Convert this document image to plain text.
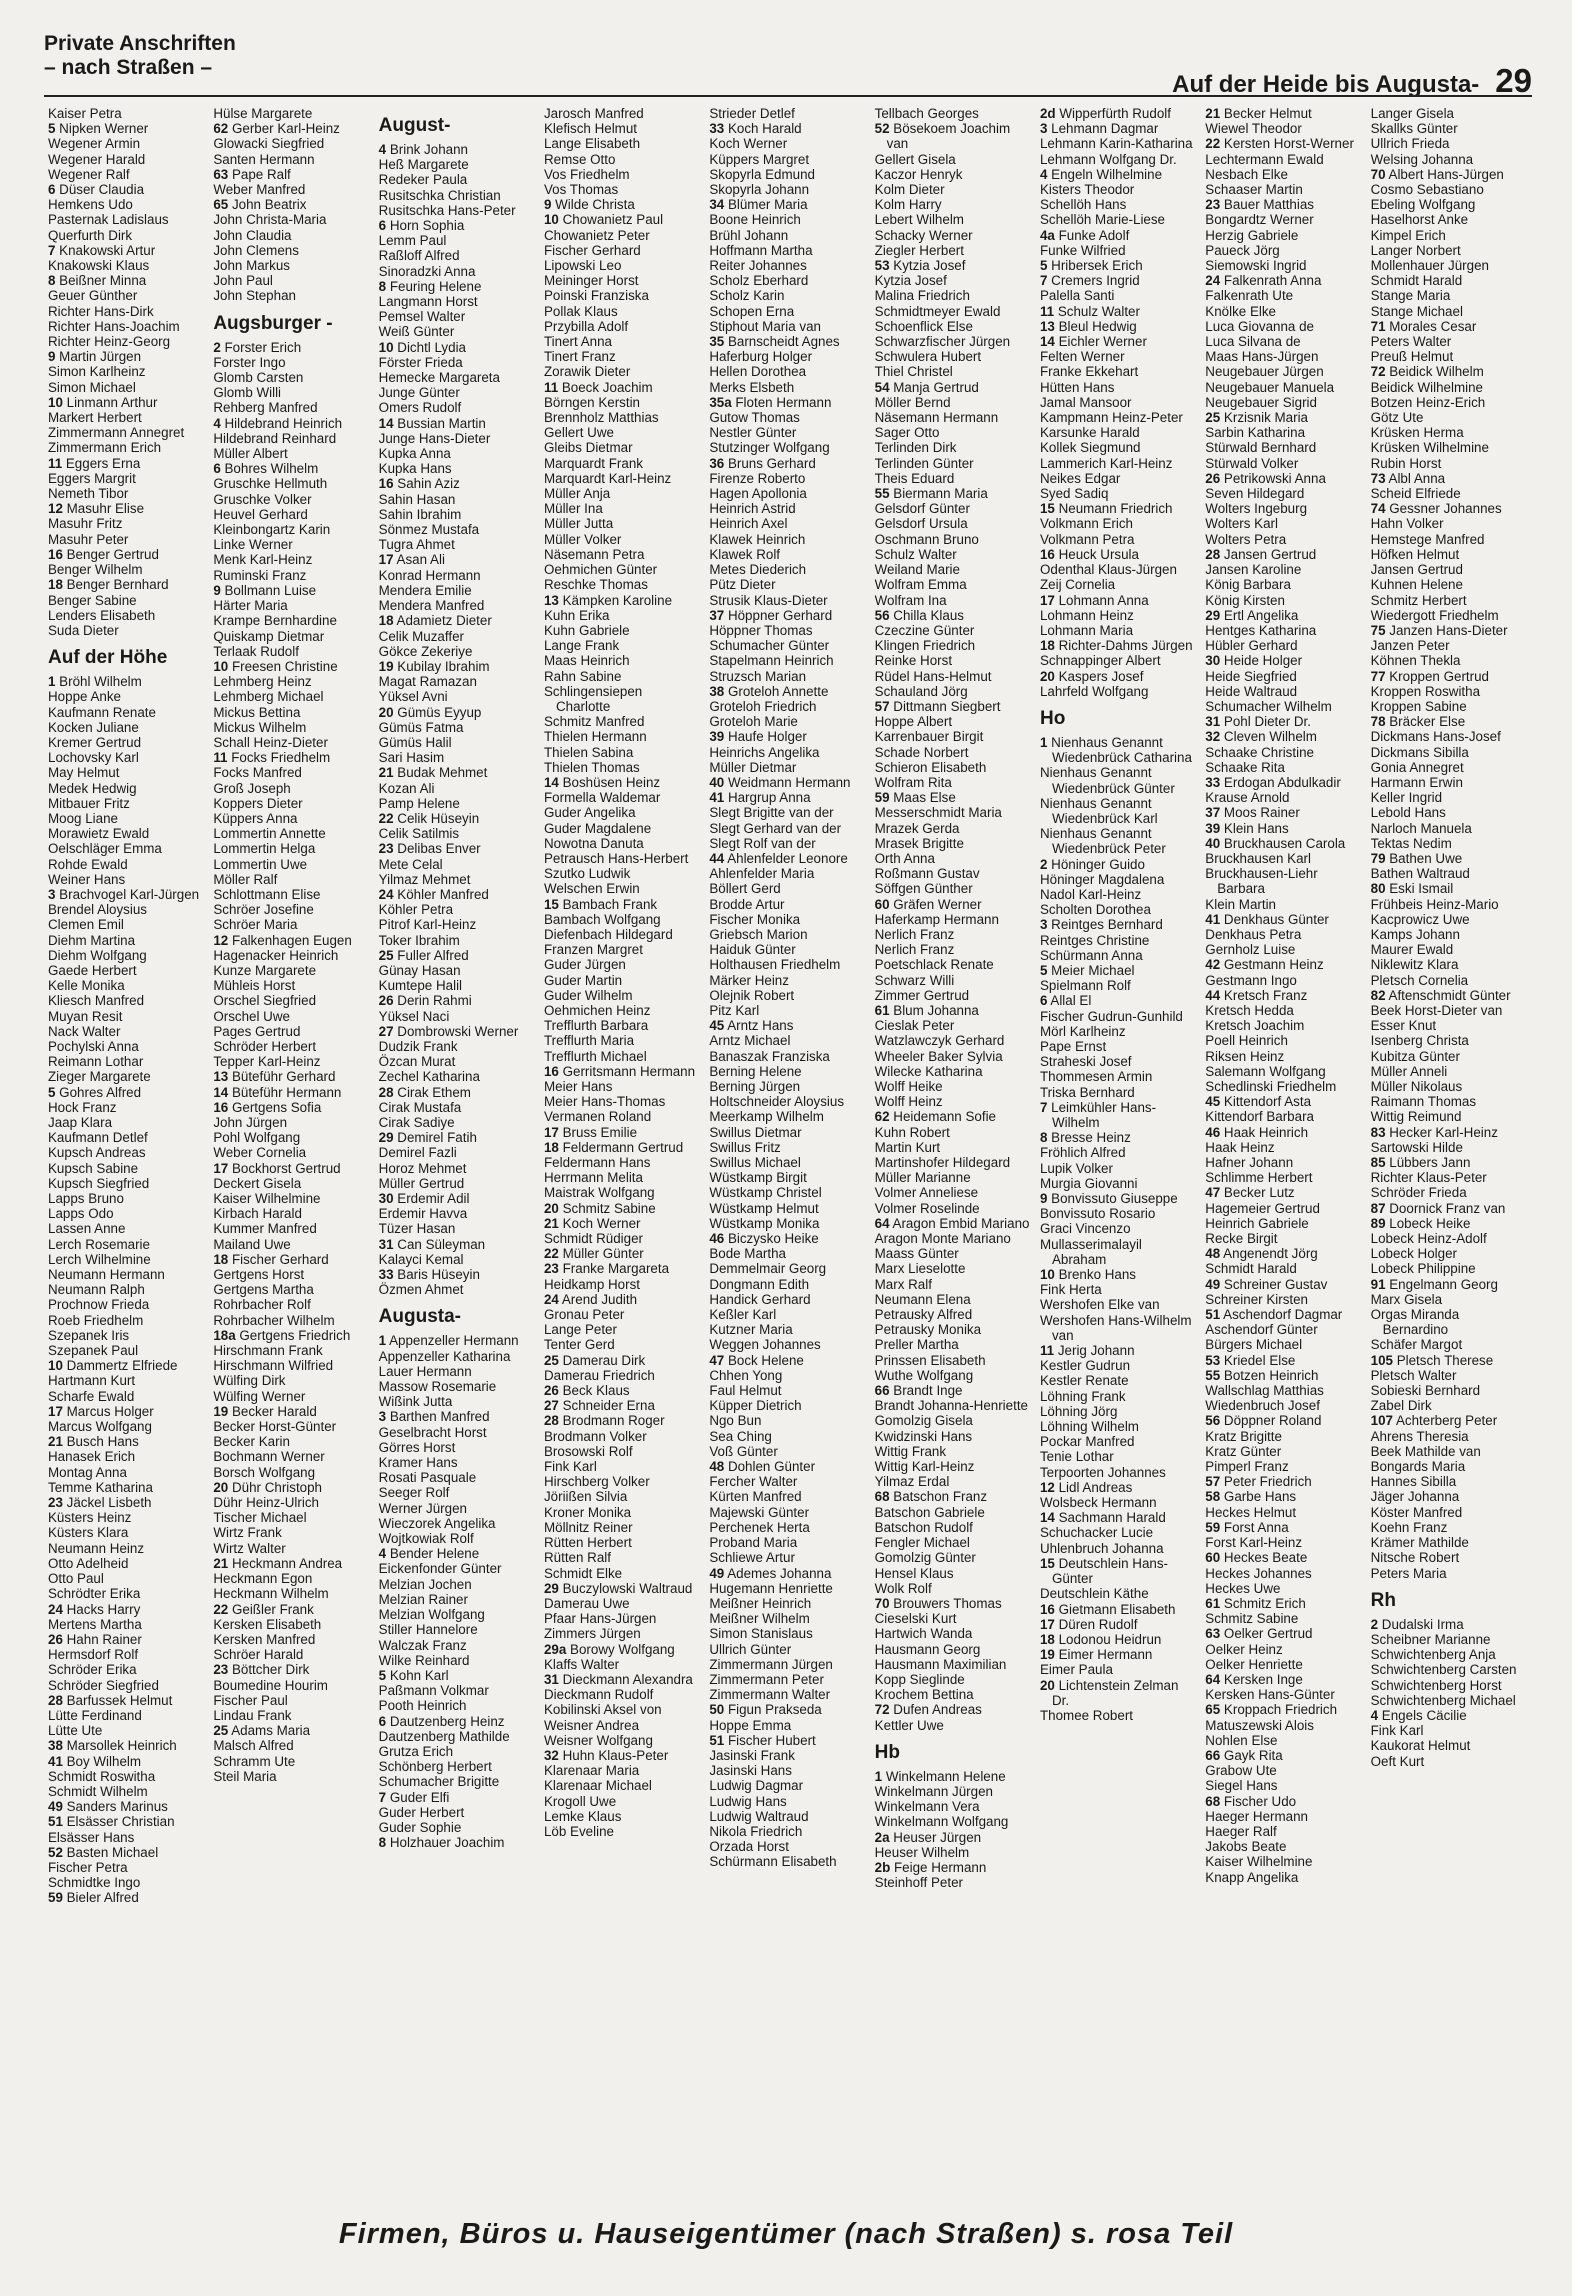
Private Anschriften
– nach Straßen –
Auf der Heide bis Augusta- 29
Kaiser Petra
5 Nipken Werner
Wegener Armin
Wegener Harald
Wegener Ralf
6 Düser Claudia
Hemkens Udo
Pasternak Ladislaus
Querfurth Dirk
7 Knakowski Artur
Knakowski Klaus
8 Beißner Minna
Geuer Günther
Richter Hans-Dirk
Richter Hans-Joachim
Richter Heinz-Georg
9 Martin Jürgen
Simon Karlheinz
Simon Michael
10 Linmann Arthur
Markert Herbert
Zimmermann Annegret
Zimmermann Erich
11 Eggers Erna
Eggers Margrit
Nemeth Tibor
12 Masuhr Elise
Masuhr Fritz
Masuhr Peter
16 Benger Gertrud
Benger Wilhelm
18 Benger Bernhard
Benger Sabine
Lenders Elisabeth
Suda Dieter
Auf der Höhe
1 Bröhl Wilhelm
Hoppe Anke
Kaufmann Renate
Kocken Juliane
Kremer Gertrud
Lochovsky Karl
May Helmut
Medek Hedwig
Mitbauer Fritz
Moog Liane
Morawietz Ewald
Oelschläger Emma
Rohde Ewald
Weiner Hans
3 Brachvogel Karl-Jürgen
Brendel Aloysius
Clemen Emil
Diehm Martina
Diehm Wolfgang
Gaede Herbert
Kelle Monika
Kliesch Manfred
Muyan Resit
Nack Walter
Pochylski Anna
Reimann Lothar
Zieger Margarete
5 Gohres Alfred
Hock Franz
Jaap Klara
Kaufmann Detlef
Kupsch Andreas
Kupsch Sabine
Kupsch Siegfried
Lapps Bruno
Lapps Odo
Lassen Anne
Lerch Rosemarie
Lerch Wilhelmine
Neumann Hermann
Neumann Ralph
Prochnow Frieda
Roeb Friedhelm
Szepanek Iris
Szepanek Paul
10 Dammertz Elfriede
Hartmann Kurt
Scharfe Ewald
17 Marcus Holger
Marcus Wolfgang
21 Busch Hans
Hanasek Erich
Montag Anna
Temme Katharina
23 Jäckel Lisbeth
Küsters Heinz
Küsters Klara
Neumann Heinz
Otto Adelheid
Otto Paul
Schrödter Erika
24 Hacks Harry
Mertens Martha
26 Hahn Rainer
Hermsdorf Rolf
Schröder Erika
Schröder Siegfried
28 Barfussek Helmut
Lütte Ferdinand
Lütte Ute
38 Marsollek Heinrich
41 Boy Wilhelm
Schmidt Roswitha
Schmidt Wilhelm
49 Sanders Marinus
51 Elsässer Christian
Elsässer Hans
52 Basten Michael
Fischer Petra
Schmidtke Ingo
59 Bieler Alfred
Hülse Margarete
62 Gerber Karl-Heinz
Glowacki Siegfried
Santen Hermann
63 Pape Ralf
Weber Manfred
65 John Beatrix
John Christa-Maria
John Claudia
John Clemens
John Markus
John Paul
John Stephan
Augsburger -
2 Forster Erich
Forster Ingo
Glomb Carsten
Glomb Willi
Rehberg Manfred
4 Hildebrand Heinrich
Hildebrand Reinhard
Müller Albert
6 Bohres Wilhelm
Gruschke Hellmuth
Gruschke Volker
Heuvel Gerhard
Kleinbongartz Karin
Linke Werner
Menk Karl-Heinz
Ruminski Franz
9 Bollmann Luise
Härter Maria
Krampe Bernhardine
Quiskamp Dietmar
Terlaak Rudolf
10 Freesen Christine
Lehmberg Heinz
Lehmberg Michael
Mickus Bettina
Mickus Wilhelm
Schall Heinz-Dieter
11 Focks Friedhelm
Focks Manfred
Groß Joseph
Koppers Dieter
Küppers Anna
Lommertin Annette
Lommertin Helga
Lommertin Uwe
Möller Ralf
Schlottmann Elise
Schröer Josefine
Schröer Maria
12 Falkenhagen Eugen
Hagenacker Heinrich
Kunze Margarete
Mühleis Horst
Orschel Siegfried
Orschel Uwe
Pages Gertrud
Schröder Herbert
Tepper Karl-Heinz
13 Büteführ Gerhard
14 Büteführ Hermann
16 Gertgens Sofia
John Jürgen
Pohl Wolfgang
Weber Cornelia
17 Bockhorst Gertrud
Deckert Gisela
Kaiser Wilhelmine
Kirbach Harald
Kummer Manfred
Mailand Uwe
18 Fischer Gerhard
Gertgens Horst
Gertgens Martha
Rohrbacher Rolf
Rohrbacher Wilhelm
18a Gertgens Friedrich
Hirschmann Frank
Hirschmann Wilfried
Wülfing Dirk
Wülfing Werner
19 Becker Harald
Becker Horst-Günter
Becker Karin
Bochmann Werner
Borsch Wolfgang
20 Dühr Christoph
Dühr Heinz-Ulrich
Tischer Michael
Wirtz Frank
Wirtz Walter
21 Heckmann Andrea
Heckmann Egon
Heckmann Wilhelm
22 Geißler Frank
Kersken Elisabeth
Kersken Manfred
Schröer Harald
23 Böttcher Dirk
Boumedine Hourim
Fischer Paul
Lindau Frank
25 Adams Maria
Malsch Alfred
Schramm Ute
Steil Maria
August-
4 Brink Johann
Heß Margarete
Redeker Paula
Rusitschka Christian
Rusitschka Hans-Peter
6 Horn Sophia
Lemm Paul
Raßloff Alfred
Sinoradzki Anna
8 Feuring Helene
Langmann Horst
Pemsel Walter
Weiß Günter
10 Dichtl Lydia
Förster Frieda
Hemecke Margareta
Junge Günter
Omers Rudolf
14 Bussian Martin
Junge Hans-Dieter
Kupka Anna
Kupka Hans
16 Sahin Aziz
Sahin Hasan
Sahin Ibrahim
Sönmez Mustafa
Tugra Ahmet
17 Asan Ali
Konrad Hermann
Mendera Emilie
Mendera Manfred
18 Adamietz Dieter
Celik Muzaffer
Gökce Zekeriye
19 Kubilay Ibrahim
Magat Ramazan
Yüksel Avni
20 Gümüs Eyyup
Gümüs Fatma
Gümüs Halil
Sari Hasim
21 Budak Mehmet
Kozan Ali
Pamp Helene
22 Celik Hüseyin
Celik Satilmis
23 Delibas Enver
Mete Celal
Yilmaz Mehmet
24 Köhler Manfred
Köhler Petra
Pitrof Karl-Heinz
Toker Ibrahim
25 Fuller Alfred
Günay Hasan
Kumtepe Halil
26 Derin Rahmi
Yüksel Naci
27 Dombrowski Werner
Dudzik Frank
Özcan Murat
Zechel Katharina
28 Cirak Ethem
Cirak Mustafa
Cirak Sadiye
29 Demirel Fatih
Demirel Fazli
Horoz Mehmet
Müller Gertrud
30 Erdemir Adil
Erdemir Havva
Tüzer Hasan
31 Can Süleyman
Kalayci Kemal
33 Baris Hüseyin
Özmen Ahmet
Augusta-
1 Appenzeller Hermann
Appenzeller Katharina
Lauer Hermann
Massow Rosemarie
Wißink Jutta
3 Barthen Manfred
Geselbracht Horst
Görres Horst
Kramer Hans
Rosati Pasquale
Seeger Rolf
Werner Jürgen
Wieczorek Angelika
Wojtkowiak Rolf
4 Bender Helene
Eickenfonder Günter
Melzian Jochen
Melzian Rainer
Melzian Wolfgang
Stiller Hannelore
Walczak Franz
Wilke Reinhard
5 Kohn Karl
Paßmann Volkmar
Pooth Heinrich
6 Dautzenberg Heinz
Dautzenberg Mathilde
Grutza Erich
Schönberg Herbert
Schumacher Brigitte
7 Guder Elfi
Guder Herbert
Guder Sophie
8 Holzhauer Joachim
Jarosch Manfred
Klefisch Helmut
Lange Elisabeth
Remse Otto
Vos Friedhelm
Vos Thomas
9 Wilde Christa
10 Chowanietz Paul
Chowanietz Peter
Fischer Gerhard
Lipowski Leo
Meininger Horst
Poinski Franziska
Pollak Klaus
Przybilla Adolf
Tinert Anna
Tinert Franz
Zorawik Dieter
11 Boeck Joachim
Börngen Kerstin
Brennholz Matthias
Gellert Uwe
Gleibs Dietmar
Marquardt Frank
Marquardt Karl-Heinz
Müller Anja
Müller Ina
Müller Jutta
Müller Volker
Näsemann Petra
Oehmichen Günter
Reschke Thomas
13 Kämpken Karoline
Kuhn Erika
Kuhn Gabriele
Lange Frank
Maas Heinrich
Rahn Sabine
Schlingensiepen Charlotte
Schmitz Manfred
Thielen Hermann
Thielen Sabina
Thielen Thomas
14 Boshüsen Heinz
Formella Waldemar
Guder Angelika
Guder Magdalene
Nowotna Danuta
Petrausch Hans-Herbert
Szutko Ludwik
Welschen Erwin
15 Bambach Frank
Bambach Wolfgang
Diefenbach Hildegard
Franzen Margret
Guder Jürgen
Guder Martin
Guder Wilhelm
Oehmichen Heinz
Trefflurth Barbara
Trefflurth Maria
Trefflurth Michael
16 Gerritsmann Hermann
Meier Hans
Meier Hans-Thomas
Vermanen Roland
17 Bruss Emilie
18 Feldermann Gertrud
Feldermann Hans
Herrmann Melita
Maistrak Wolfgang
20 Schmitz Sabine
21 Koch Werner
Schmidt Rüdiger
22 Müller Günter
23 Franke Margareta
Heidkamp Horst
24 Arend Judith
Gronau Peter
Lange Peter
Tenter Gerd
25 Damerau Dirk
Damerau Friedrich
26 Beck Klaus
27 Schneider Erna
28 Brodmann Roger
Brodmann Volker
Brosowski Rolf
Fink Karl
Hirschberg Volker
Jöriißen Silvia
Kroner Monika
Möllnitz Reiner
Rütten Herbert
Rütten Ralf
Schmidt Elke
29 Buczylowski Waltraud
Damerau Uwe
Pfaar Hans-Jürgen
Zimmers Jürgen
29a Borowy Wolfgang
Klaffs Walter
31 Dieckmann Alexandra
Dieckmann Rudolf
Kobilinski Aksel von
Weisner Andrea
Weisner Wolfgang
32 Huhn Klaus-Peter
Klarenaar Maria
Klarenaar Michael
Krogoll Uwe
Lemke Klaus
Löb Eveline
Strieder Detlef
33 Koch Harald
Koch Werner
Küppers Margret
Skopyrla Edmund
Skopyrla Johann
34 Blümer Maria
Boone Heinrich
Brühl Johann
Hoffmann Martha
Reiter Johannes
Scholz Eberhard
Scholz Karin
Schopen Erna
Stiphout Maria van
35 Barnscheidt Agnes
Haferburg Holger
Hellen Dorothea
Merks Elsbeth
35a Floten Hermann
Gutow Thomas
Nestler Günter
Stutzinger Wolfgang
36 Bruns Gerhard
Firenze Roberto
Hagen Apollonia
Heinrich Astrid
Heinrich Axel
Klawek Heinrich
Klawek Rolf
Metes Diederich
Pütz Dieter
Strusik Klaus-Dieter
37 Höppner Gerhard
Höppner Thomas
Schumacher Günter
Stapelmann Heinrich
Struzsch Marian
38 Groteloh Annette
Groteloh Friedrich
Groteloh Marie
39 Haufe Holger
Heinrichs Angelika
Müller Dietmar
40 Weidmann Hermann
41 Hargrup Anna
Slegt Brigitte van der
Slegt Gerhard van der
Slegt Rolf van der
44 Ahlenfelder Leonore
Ahlenfelder Maria
Böllert Gerd
Brodde Artur
Fischer Monika
Griebsch Marion
Haiduk Günter
Holthausen Friedhelm
Märker Heinz
Olejnik Robert
Pitz Karl
45 Arntz Hans
Arntz Michael
Banaszak Franziska
Berning Helene
Berning Jürgen
Holtschneider Aloysius
Meerkamp Wilhelm
Swillus Dietmar
Swillus Fritz
Swillus Michael
Wüstkamp Birgit
Wüstkamp Christel
Wüstkamp Helmut
Wüstkamp Monika
46 Biczysko Heike
Bode Martha
Demmelmair Georg
Dongmann Edith
Handick Gerhard
Keßler Karl
Kutzner Maria
Weggen Johannes
47 Bock Helene
Chhen Yong
Faul Helmut
Küpper Dietrich
Ngo Bun
Sea Ching
Voß Günter
48 Dohlen Günter
Fercher Walter
Kürten Manfred
Majewski Günter
Perchenek Herta
Proband Maria
Schliewe Artur
49 Ademes Johanna
Hugemann Henriette
Meißner Heinrich
Meißner Wilhelm
Simon Stanislaus
Ullrich Günter
Zimmermann Jürgen
Zimmermann Peter
Zimmermann Walter
50 Figun Prakseda
Hoppe Emma
51 Fischer Hubert
Jasinski Frank
Jasinski Hans
Ludwig Dagmar
Ludwig Hans
Ludwig Waltraud
Nikola Friedrich
Orzada Horst
Schürmann Elisabeth
Tellbach Georges
52 Bösekoem Joachim van
Gellert Gisela
Kaczor Henryk
Kolm Dieter
Kolm Harry
Lebert Wilhelm
Schacky Werner
Ziegler Herbert
53 Kytzia Josef
Kytzia Josef
Malina Friedrich
Schmidtmeyer Ewald
Schoenflick Else
Schwarzfischer Jürgen
Schwulera Hubert
Thiel Christel
54 Manja Gertrud
Möller Bernd
Näsemann Hermann
Sager Otto
Terlinden Dirk
Terlinden Günter
Theis Eduard
55 Biermann Maria
Gelsdorf Günter
Gelsdorf Ursula
Oschmann Bruno
Schulz Walter
Weiland Marie
Wolfram Emma
Wolfram Ina
56 Chilla Klaus
Czeczine Günter
Klingen Friedrich
Reinke Horst
Rüdel Hans-Helmut
Schauland Jörg
57 Dittmann Siegbert
Hoppe Albert
Karrenbauer Birgit
Schade Norbert
Schieron Elisabeth
Wolfram Rita
59 Maas Else
Messerschmidt Maria
Mrazek Gerda
Mrasek Brigitte
Orth Anna
Roßmann Gustav
Söffgen Günther
60 Gräfen Werner
Haferkamp Hermann
Nerlich Franz
Nerlich Franz
Poetschlack Renate
Schwarz Willi
Zimmer Gertrud
61 Blum Johanna
Cieslak Peter
Watzlawczyk Gerhard
Wheeler Baker Sylvia
Wilecke Katharina
Wolff Heike
Wolff Heinz
62 Heidemann Sofie
Kuhn Robert
Martin Kurt
Martinshofer Hildegard
Müller Marianne
Volmer Anneliese
Volmer Roselinde
64 Aragon Embid Mariano
Aragon Monte Mariano
Maass Günter
Marx Lieselotte
Marx Ralf
Neumann Elena
Petrausky Alfred
Petrausky Monika
Preller Martha
Prinssen Elisabeth
Wuthe Wolfgang
66 Brandt Inge
Brandt Johanna-Henriette
Gomolzig Gisela
Kwidzinski Hans
Wittig Frank
Wittig Karl-Heinz
Yilmaz Erdal
68 Batschon Franz
Batschon Gabriele
Batschon Rudolf
Fengler Michael
Gomolzig Günter
Hensel Klaus
Wolk Rolf
70 Brouwers Thomas
Cieselski Kurt
Hartwich Wanda
Hausmann Georg
Hausmann Maximilian
Kopp Sieglinde
Krochem Bettina
72 Dufen Andreas
Kettler Uwe
Hb
1 Winkelmann Helene
Winkelmann Jürgen
Winkelmann Vera
Winkelmann Wolfgang
2a Heuser Jürgen
Heuser Wilhelm
2b Feige Hermann
Steinhoff Peter
2d Wipperfürth Rudolf
3 Lehmann Dagmar
Lehmann Karin-Katharina
Lehmann Wolfgang Dr.
4 Engeln Wilhelmine
Kisters Theodor
Schellöh Hans
Schellöh Marie-Liese
4a Funke Adolf
Funke Wilfried
5 Hribersek Erich
7 Cremers Ingrid
Palella Santi
11 Schulz Walter
13 Bleul Hedwig
14 Eichler Werner
Felten Werner
Franke Ekkehart
Hütten Hans
Jamal Mansoor
Kampmann Heinz-Peter
Karsunke Harald
Kollek Siegmund
Lammerich Karl-Heinz
Neikes Edgar
Syed Sadiq
15 Neumann Friedrich
Volkmann Erich
Volkmann Petra
16 Heuck Ursula
Odenthal Klaus-Jürgen
Zeij Cornelia
17 Lohmann Anna
Lohmann Heinz
Lohmann Maria
18 Richter-Dahms Jürgen
Schnappinger Albert
20 Kaspers Josef
Lahrfeld Wolfgang
Ho
1 Nienhaus Genannt Wiedenbrück Catharina
Nienhaus Genannt Wiedenbrück Günter
Nienhaus Genannt Wiedenbrück Karl
Nienhaus Genannt Wiedenbrück Peter
2 Höninger Guido
Höninger Magdalena
Nadol Karl-Heinz
Scholten Dorothea
3 Reintges Bernhard
Reintges Christine
Schürmann Anna
5 Meier Michael
Spielmann Rolf
6 Allal El
Fischer Gudrun-Gunhild
Mörl Karlheinz
Pape Ernst
Straheski Josef
Thommesen Armin
Triska Bernhard
7 Leimkühler Hans-Wilhelm
8 Bresse Heinz
Fröhlich Alfred
Lupik Volker
Murgia Giovanni
9 Bonvissuto Giuseppe
Bonvissuto Rosario
Graci Vincenzo
Mullasserimalayil Abraham
10 Brenko Hans
Fink Herta
Wershofen Elke van
Wershofen Hans-Wilhelm van
11 Jerig Johann
Kestler Gudrun
Kestler Renate
Löhning Frank
Löhning Jörg
Löhning Wilhelm
Pockar Manfred
Tenie Lothar
Terpoorten Johannes
12 Lidl Andreas
Wolsbeck Hermann
14 Sachmann Harald
Schuchacker Lucie
Uhlenbruch Johanna
15 Deutschlein Hans-Günter
Deutschlein Käthe
16 Gietmann Elisabeth
17 Düren Rudolf
18 Lodonou Heidrun
19 Eimer Hermann
Eimer Paula
20 Lichtenstein Zelman Dr.
Thomee Robert
21 Becker Helmut
Wiewel Theodor
22 Kersten Horst-Werner
Lechtermann Ewald
Nesbach Elke
Schaaser Martin
23 Bauer Matthias
Bongardtz Werner
Herzig Gabriele
Paueck Jörg
Siemowski Ingrid
24 Falkenrath Anna
Falkenrath Ute
Knölke Elke
Luca Giovanna de
Luca Silvana de
Maas Hans-Jürgen
Neugebauer Jürgen
Neugebauer Manuela
Neugebauer Sigrid
25 Krzisnik Maria
Sarbin Katharina
Stürwald Bernhard
Stürwald Volker
26 Petrikowski Anna
Seven Hildegard
Wolters Ingeburg
Wolters Karl
Wolters Petra
28 Jansen Gertrud
Jansen Karoline
König Barbara
König Kirsten
29 Ertl Angelika
Hentges Katharina
Hübler Gerhard
30 Heide Holger
Heide Siegfried
Heide Waltraud
Schumacher Wilhelm
31 Pohl Dieter Dr.
32 Cleven Wilhelm
Schaake Christine
Schaake Rita
33 Erdogan Abdulkadir
Krause Arnold
37 Moos Rainer
39 Klein Hans
40 Bruckhausen Carola
Bruckhausen Karl
Bruckhausen-Liehr Barbara
Klein Martin
41 Denkhaus Günter
Denkhaus Petra
Gernholz Luise
42 Gestmann Heinz
Gestmann Ingo
44 Kretsch Franz
Kretsch Hedda
Kretsch Joachim
Poell Heinrich
Riksen Heinz
Salemann Wolfgang
Schedlinski Friedhelm
45 Kittendorf Asta
Kittendorf Barbara
46 Haak Heinrich
Haak Heinz
Hafner Johann
Schlimme Herbert
47 Becker Lutz
Hagemeier Gertrud
Heinrich Gabriele
Recke Birgit
48 Angenendt Jörg
Schmidt Harald
49 Schreiner Gustav
Schreiner Kirsten
51 Aschendorf Dagmar
Aschendorf Günter
Bürgers Michael
53 Kriedel Else
55 Botzen Heinrich
Wallschlag Matthias
Wiedenbruch Josef
56 Döppner Roland
Kratz Brigitte
Kratz Günter
Pimperl Franz
57 Peter Friedrich
58 Garbe Hans
Heckes Helmut
59 Forst Anna
Forst Karl-Heinz
60 Heckes Beate
Heckes Johannes
Heckes Uwe
61 Schmitz Erich
Schmitz Sabine
63 Oelker Gertrud
Oelker Heinz
Oelker Henriette
64 Kersken Inge
Kersken Hans-Günter
65 Kroppach Friedrich
Matuszewski Alois
Nohlen Else
66 Gayk Rita
Grabow Ute
Siegel Hans
68 Fischer Udo
Haeger Hermann
Haeger Ralf
Jakobs Beate
Kaiser Wilhelmine
Knapp Angelika
Langer Gisela
Skallks Günter
Ullrich Frieda
Welsing Johanna
70 Albert Hans-Jürgen
Cosmo Sebastiano
Ebeling Wolfgang
Haselhorst Anke
Kimpel Erich
Langer Norbert
Mollenhauer Jürgen
Schmidt Harald
Stange Maria
Stange Michael
71 Morales Cesar
Peters Walter
Preuß Helmut
72 Beidick Wilhelm
Beidick Wilhelmine
Botzen Heinz-Erich
Götz Ute
Krüsken Herma
Krüsken Wilhelmine
Rubin Horst
73 Albl Anna
Scheid Elfriede
74 Gessner Johannes
Hahn Volker
Hemstege Manfred
Höfken Helmut
Jansen Gertrud
Kuhnen Helene
Schmitz Herbert
Wiedergott Friedhelm
75 Janzen Hans-Dieter
Janzen Peter
Köhnen Thekla
77 Kroppen Gertrud
Kroppen Roswitha
Kroppen Sabine
78 Bräcker Else
Dickmans Hans-Josef
Dickmans Sibilla
Gonia Annegret
Harmann Erwin
Keller Ingrid
Lebold Hans
Narloch Manuela
Tektas Nedim
79 Bathen Uwe
Bathen Waltraud
80 Eski Ismail
Frühbeis Heinz-Mario
Kacprowicz Uwe
Kamps Johann
Maurer Ewald
Niklewitz Klara
Pletsch Cornelia
82 Aftenschmidt Günter
Beek Horst-Dieter van
Esser Knut
Isenberg Christa
Kubitza Günter
Müller Anneli
Müller Nikolaus
Raimann Thomas
Wittig Reimund
83 Hecker Karl-Heinz
Sartowski Hilde
85 Lübbers Jann
Richter Klaus-Peter
Schröder Frieda
87 Doornick Franz van
89 Lobeck Heike
Lobeck Heinz-Adolf
Lobeck Holger
Lobeck Philippine
91 Engelmann Georg
Marx Gisela
Orgas Miranda Bernardino
Schäfer Margot
105 Pletsch Therese
Pletsch Walter
Sobieski Bernhard
Zabel Dirk
107 Achterberg Peter
Ahrens Theresia
Beek Mathilde van
Bongards Maria
Hannes Sibilla
Jäger Johanna
Köster Manfred
Koehn Franz
Krämer Mathilde
Nitsche Robert
Peters Maria
Rh
2 Dudalski Irma
Scheibner Marianne
Schwichtenberg Anja
Schwichtenberg Carsten
Schwichtenberg Horst
Schwichtenberg Michael
4 Engels Cäcilie
Fink Karl
Kaukorat Helmut
Oeft Kurt
Firmen, Büros u. Hauseigentümer (nach Straßen) s. rosa Teil
